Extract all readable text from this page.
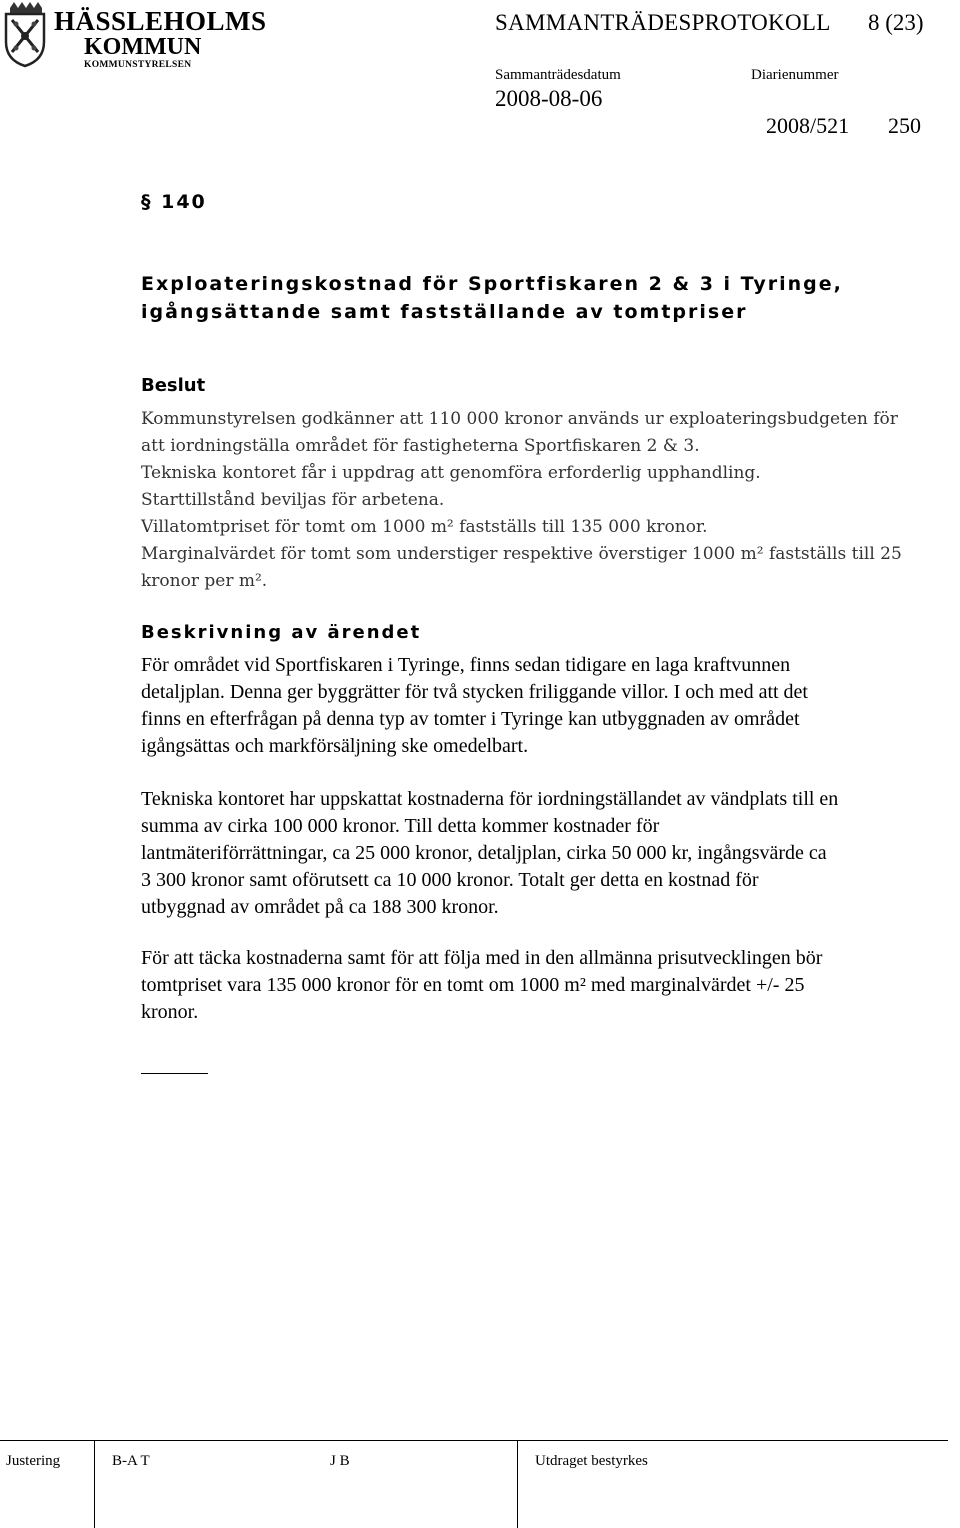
HÄSSLEHOLMS
KOMMUN
KOMMUNSTYRELSEN
SAMMANTRÄDESPROTOKOLL 8 (23)
Sammanträdesdatum	Diarienummer
2008-08-06
2008/521 250
§ 140
Exploateringskostnad för Sportfiskaren 2 & 3 i Tyringe,
igångsättande samt fastställande av tomtpriser
Beslut
Kommunstyrelsen godkänner att 110 000 kronor används ur exploateringsbudgeten för
att iordningställa området för fastigheterna Sportfiskaren 2 & 3.
Tekniska kontoret får i uppdrag att genomföra erforderlig upphandling.
Starttillstånd beviljas för arbetena.
Villatomtpriset för tomt om 1000 m² fastställs till 135 000 kronor.
Marginalvärdet för tomt som understiger respektive överstiger 1000 m² fastställs till 25
kronor per m².
Beskrivning av ärendet
För området vid Sportfiskaren i Tyringe, finns sedan tidigare en laga kraftvunnen
detaljplan. Denna ger byggrätter för två stycken friliggande villor. I och med att det
finns en efterfrågan på denna typ av tomter i Tyringe kan utbyggnaden av området
igångsättas och markförsäljning ske omedelbart.
Tekniska kontoret har uppskattat kostnaderna för iordningställandet av vändplats till en
summa av cirka 100 000 kronor. Till detta kommer kostnader för
lantmäteriförrättningar, ca 25 000 kronor, detaljplan, cirka 50 000 kr, ingångsvärde ca
3 300 kronor samt oförutsett ca 10 000 kronor. Totalt ger detta en kostnad för
utbyggnad av området på ca 188 300 kronor.
För att täcka kostnaderna samt för att följa med in den allmänna prisutvecklingen bör
tomtpriset vara 135 000 kronor för en tomt om 1000 m² med marginalvärdet +/- 25
kronor.
Justering	B-A T	J B	Utdraget bestyrkes
